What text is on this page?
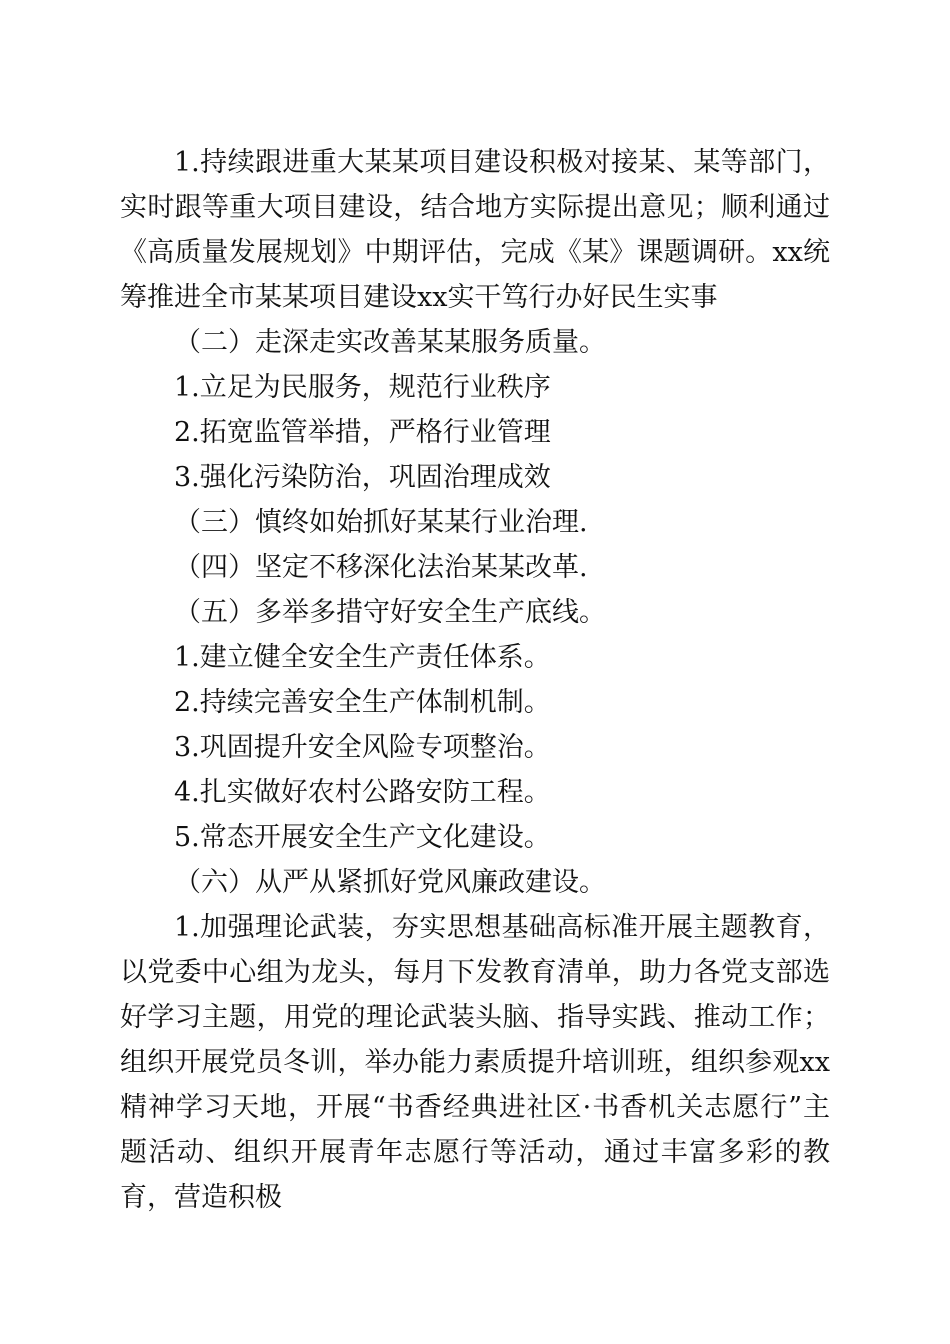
1.持续跟进重大某某项目建设积极对接某、某等部门，实时跟等重大项目建设，结合地方实际提出意见；顺利通过《高质量发展规划》中期评估，完成《某》课题调研。xx统筹推进全市某某项目建设xx实干笃行办好民生实事

（二）走深走实改善某某服务质量。

1.立足为民服务，规范行业秩序

2.拓宽监管举措，严格行业管理

3.强化污染防治，巩固治理成效

（三）慎终如始抓好某某行业治理.

（四）坚定不移深化法治某某改革.

（五）多举多措守好安全生产底线。

1.建立健全安全生产责任体系。

2.持续完善安全生产体制机制。

3.巩固提升安全风险专项整治。

4.扎实做好农村公路安防工程。

5.常态开展安全生产文化建设。

（六）从严从紧抓好党风廉政建设。

1.加强理论武装，夯实思想基础高标准开展主题教育，以党委中心组为龙头，每月下发教育清单，助力各党支部选好学习主题，用党的理论武装头脑、指导实践、推动工作；组织开展党员冬训，举办能力素质提升培训班，组织参观xx精神学习天地，开展“书香经典进社区·书香机关志愿行”主题活动、组织开展青年志愿行等活动，通过丰富多彩的教育，营造积极
